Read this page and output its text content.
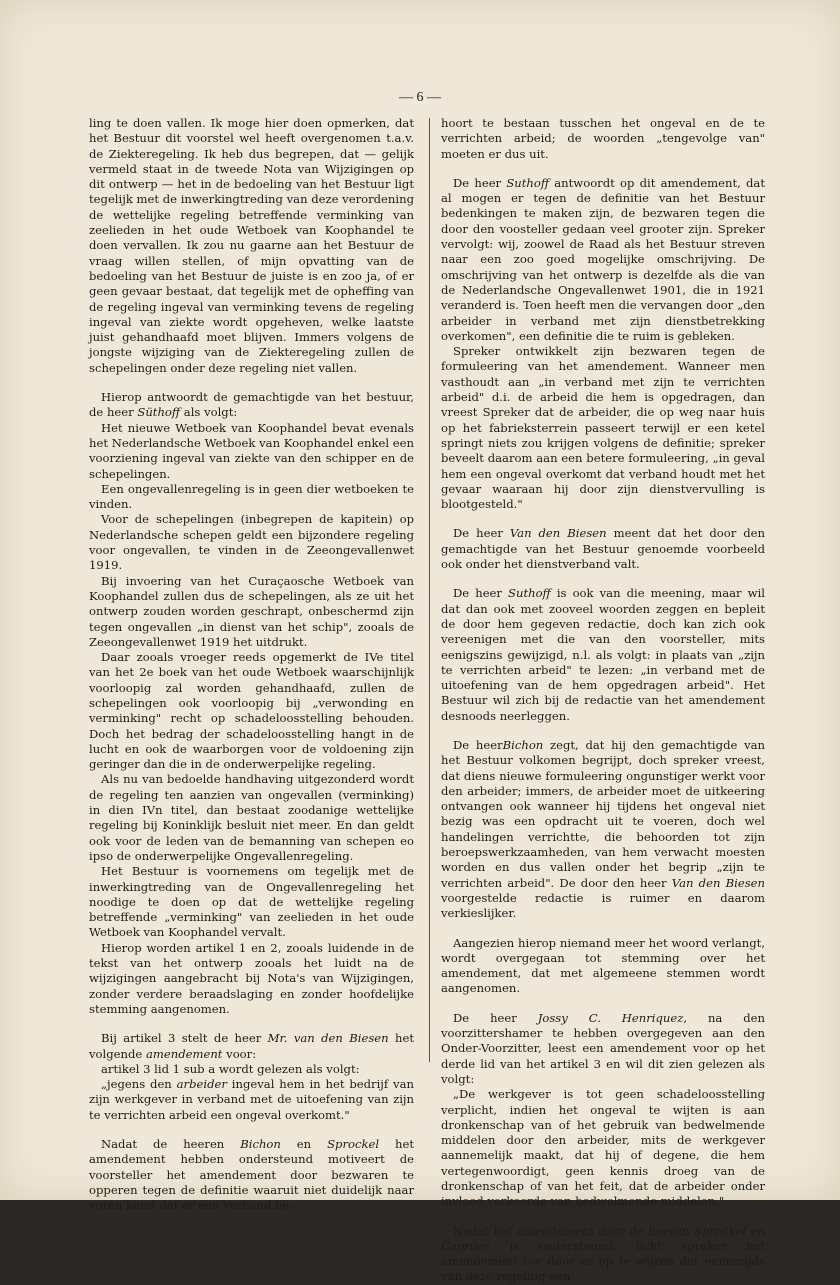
— 6 —

ling te doen vallen. Ik moge hier doen opmerken, dat het Bestuur dit voorstel wel heeft overgenomen t.a.v. de Ziekteregeling. Ik heb dus begrepen, dat — gelijk vermeld staat in de tweede Nota van Wijzigingen op dit ontwerp — het in de bedoeling van het Bestuur ligt tegelijk met de inwerkingtreding van deze verordening de wettelijke regeling betreffende verminking van zeelieden in het oude Wetboek van Koophandel te doen vervallen. Ik zou nu gaarne aan het Bestuur de vraag willen stellen, of mijn opvatting van de bedoeling van het Bestuur de juiste is en zoo ja, of er geen gevaar bestaat, dat tegelijk met de opheffing van de regeling ingeval van verminking tevens de regeling ingeval van ziekte wordt opgeheven, welke laatste juist gehandhaafd moet blijven. Immers volgens de jongste wijziging van de Ziekteregeling zullen de schepelingen onder deze regeling niet vallen.

Hierop antwoordt de gemachtigde van het bestuur, de heer Süthoff als volgt:

Het nieuwe Wetboek van Koophandel bevat evenals het Nederlandsche Wetboek van Koophandel enkel een voorziening ingeval van ziekte van den schipper en de schepelingen.

Een ongevallenregeling is in geen dier wetboeken te vinden.

Voor de schepelingen (inbegrepen de kapitein) op Nederlandsche schepen geldt een bijzondere regeling voor ongevallen, te vinden in de Zeeongevallenwet 1919.

Bij invoering van het Curaçaosche Wetboek van Koophandel zullen dus de schepelingen, als ze uit het ontwerp zouden worden geschrapt, onbeschermd zijn tegen ongevallen „in dienst van het schip", zooals de Zeeongevallenwet 1919 het uitdrukt.

Daar zooals vroeger reeds opgemerkt de IVe titel van het 2e boek van het oude Wetboek waarschijnlijk voorloopig zal worden gehandhaafd, zullen de schepelingen ook voorloopig bij „verwonding en verminking" recht op schadeloosstelling behouden. Doch het bedrag der schadeloosstelling hangt in de lucht en ook de waarborgen voor de voldoening zijn geringer dan die in de onderwerpelijke regeling.

Als nu van bedoelde handhaving uitgezonderd wordt de regeling ten aanzien van ongevallen (verminking) in dien IVn titel, dan bestaat zoodanige wettelijke regeling bij Koninklijk besluit niet meer. En dan geldt ook voor de leden van de bemanning van schepen eo ipso de onderwerpelijke Ongevallenregeling.

Het Bestuur is voornemens om tegelijk met de inwerkingtreding van de Ongevallenregeling het noodige te doen op dat de wettelijke regeling betreffende „verminking" van zeelieden in het oude Wetboek van Koophandel vervalt.

Hierop worden artikel 1 en 2, zooals luidende in de tekst van het ontwerp zooals het luidt na de wijzigingen aangebracht bij Nota's van Wijzigingen, zonder verdere beraadslaging en zonder hoofdelijke stemming aangenomen.

Bij artikel 3 stelt de heer Mr. van den Biesen het volgende amendement voor:

artikel 3 lid 1 sub a wordt gelezen als volgt:

„jegens den arbeider ingeval hem in het bedrijf van zijn werkgever in verband met de uitoefening van zijn te verrichten arbeid een ongeval overkomt."

Nadat de heeren Bichon en Sprockel het amendement hebben ondersteund motiveert de voorsteller het amendement door bezwaren te opperen tegen de definitie waaruit niet duidelijk naar voren komt dat er een verband be-

hoort te bestaan tusschen het ongeval en de te verrichten arbeid; de woorden „tengevolge van" moeten er dus uit.

De heer Suthoff antwoordt op dit amendement, dat al mogen er tegen de definitie van het Bestuur bedenkingen te maken zijn, de bezwaren tegen die door den voosteller gedaan veel grooter zijn. Spreker vervolgt: wij, zoowel de Raad als het Bestuur streven naar een zoo goed mogelijke omschrijving. De omschrijving van het ontwerp is dezelfde als die van de Nederlandsche Ongevallenwet 1901, die in 1921 veranderd is. Toen heeft men die vervangen door „den arbeider in verband met zijn dienstbetrekking overkomen", een definitie die te ruim is gebleken.

Spreker ontwikkelt zijn bezwaren tegen de formuleering van het amendement. Wanneer men vasthoudt aan „in verband met zijn te verrichten arbeid" d.i. de arbeid die hem is opgedragen, dan vreest Spreker dat de arbeider, die op weg naar huis op het fabrieksterrein passeert terwijl er een ketel springt niets zou krijgen volgens de definitie; spreker beveelt daarom aan een betere formuleering, „in geval hem een ongeval overkomt dat verband houdt met het gevaar waaraan hij door zijn dienstvervulling is blootgesteld."

De heer Van den Biesen meent dat het door den gemachtigde van het Bestuur genoemde voorbeeld ook onder het dienstverband valt.

De heer Suthoff is ook van die meening, maar wil dat dan ook met zooveel woorden zeggen en bepleit de door hem gegeven redactie, doch kan zich ook vereenigen met die van den voorsteller, mits eenigszins gewijzigd, n.l. als volgt: in plaats van „zijn te verrichten arbeid" te lezen: „in verband met de uitoefening van de hem opgedragen arbeid". Het Bestuur wil zich bij de redactie van het amendement desnoods neerleggen.

De heerBichon zegt, dat hij den gemachtigde van het Bestuur volkomen begrijpt, doch spreker vreest, dat diens nieuwe formuleering ongunstiger werkt voor den arbeider; immers, de arbeider moet de uitkeering ontvangen ook wanneer hij tijdens het ongeval niet bezig was een opdracht uit te voeren, doch wel handelingen verrichtte, die behoorden tot zijn beroepswerkzaamheden, van hem verwacht moesten worden en dus vallen onder het begrip „zijn te verrichten arbeid". De door den heer Van den Biesen voorgestelde redactie is ruimer en daarom verkieslijker.

Aangezien hierop niemand meer het woord verlangt, wordt overgegaan tot stemming over het amendement, dat met algemeene stemmen wordt aangenomen.

De heer Jossy C. Henriquez, na den voorzittershamer te hebben overgegeven aan den Onder-Voorzitter, leest een amendement voor op het derde lid van het artikel 3 en wil dit zien gelezen als volgt:

„De werkgever is tot geen schadeloosstelling verplicht, indien het ongeval te wijten is aan dronkenschap van of het gebruik van bedwelmende middelen door den arbeider, mits de werkgever aannemelijk maakt, dat hij of degene, die hem vertegenwoordigt, geen kennis droeg van de dronkenschap of van het feit, dat de arbeider onder invloed verkeerde van bedwelmende middelen."

Nadat het amendement door de heeren Sprockel en Capriles is ondersteund, licht spreker het amendement toe door er op te wijzen dat eenerzijds van deze regeling een
